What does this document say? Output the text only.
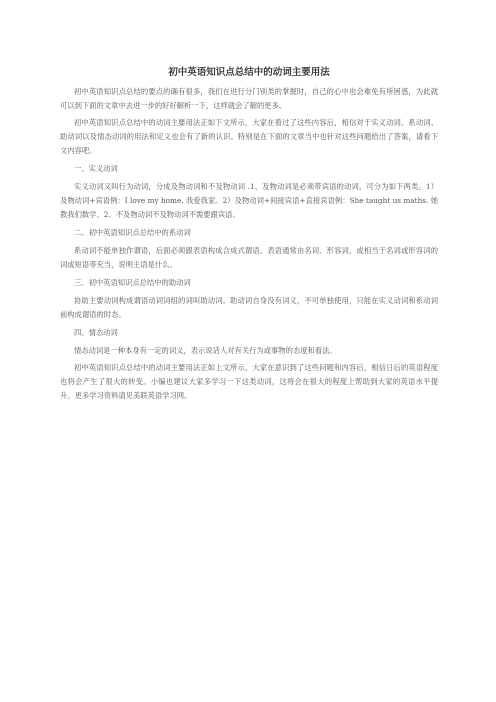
初中英语知识点总结中的动词主要用法

初中英语知识点总结的要点的确有很多，我们在进行分门别类的掌握时，自己的心中也会难免有所困惑，为此就可以到下面的文章中去进一步的好好解析一下，这样就会了解的更多。

初中英语知识点总结中的动词主要用法正如下文所示，大家在看过了这些内容后，相信对于实义动词、系动词、助动词以及情态动词的用法和定义也会有了新的认识。特别是在下面的文章当中也针对这些问题给出了答案，请看下文内容吧。

一、实义动词

实义动词又叫行为动词，分成及物动词和不及物动词 .1、及物动词是必须带宾语的动词，可分为如下两类。1）及物动词+宾语例：I love my home. 我爱我家。2）及物动词+间接宾语+直接宾语例：She taught us maths. 她教我们数学。2、不及物动词不及物动词不需要跟宾语。

二、初中英语知识点总结中的系动词

系动词不能单独作谓语，后面必须跟表语构成合成式谓语。表语通常由名词、形容词，或相当于名词或形容词的词或短语等充当，说明主语是什么。

三、初中英语知识点总结中的助动词

协助主要动词构成谓语动词词组的词叫助动词。助动词自身没有词义，不可单独使用，只能在实义动词和系动词前构成谓语的时态。

四、情态动词

情态动词是一种本身有一定的词义，表示说话人对有关行为或事物的态度和看法。

初中英语知识点总结中的动词主要用法正如上文所示，大家在意识到了这些问题和内容后，相信日后的英语程度也将会产生了很大的转变。小编也建议大家多学习一下这类动词，这将会在很大的程度上帮助到大家的英语水平提升。更多学习资料请见美联英语学习网。
